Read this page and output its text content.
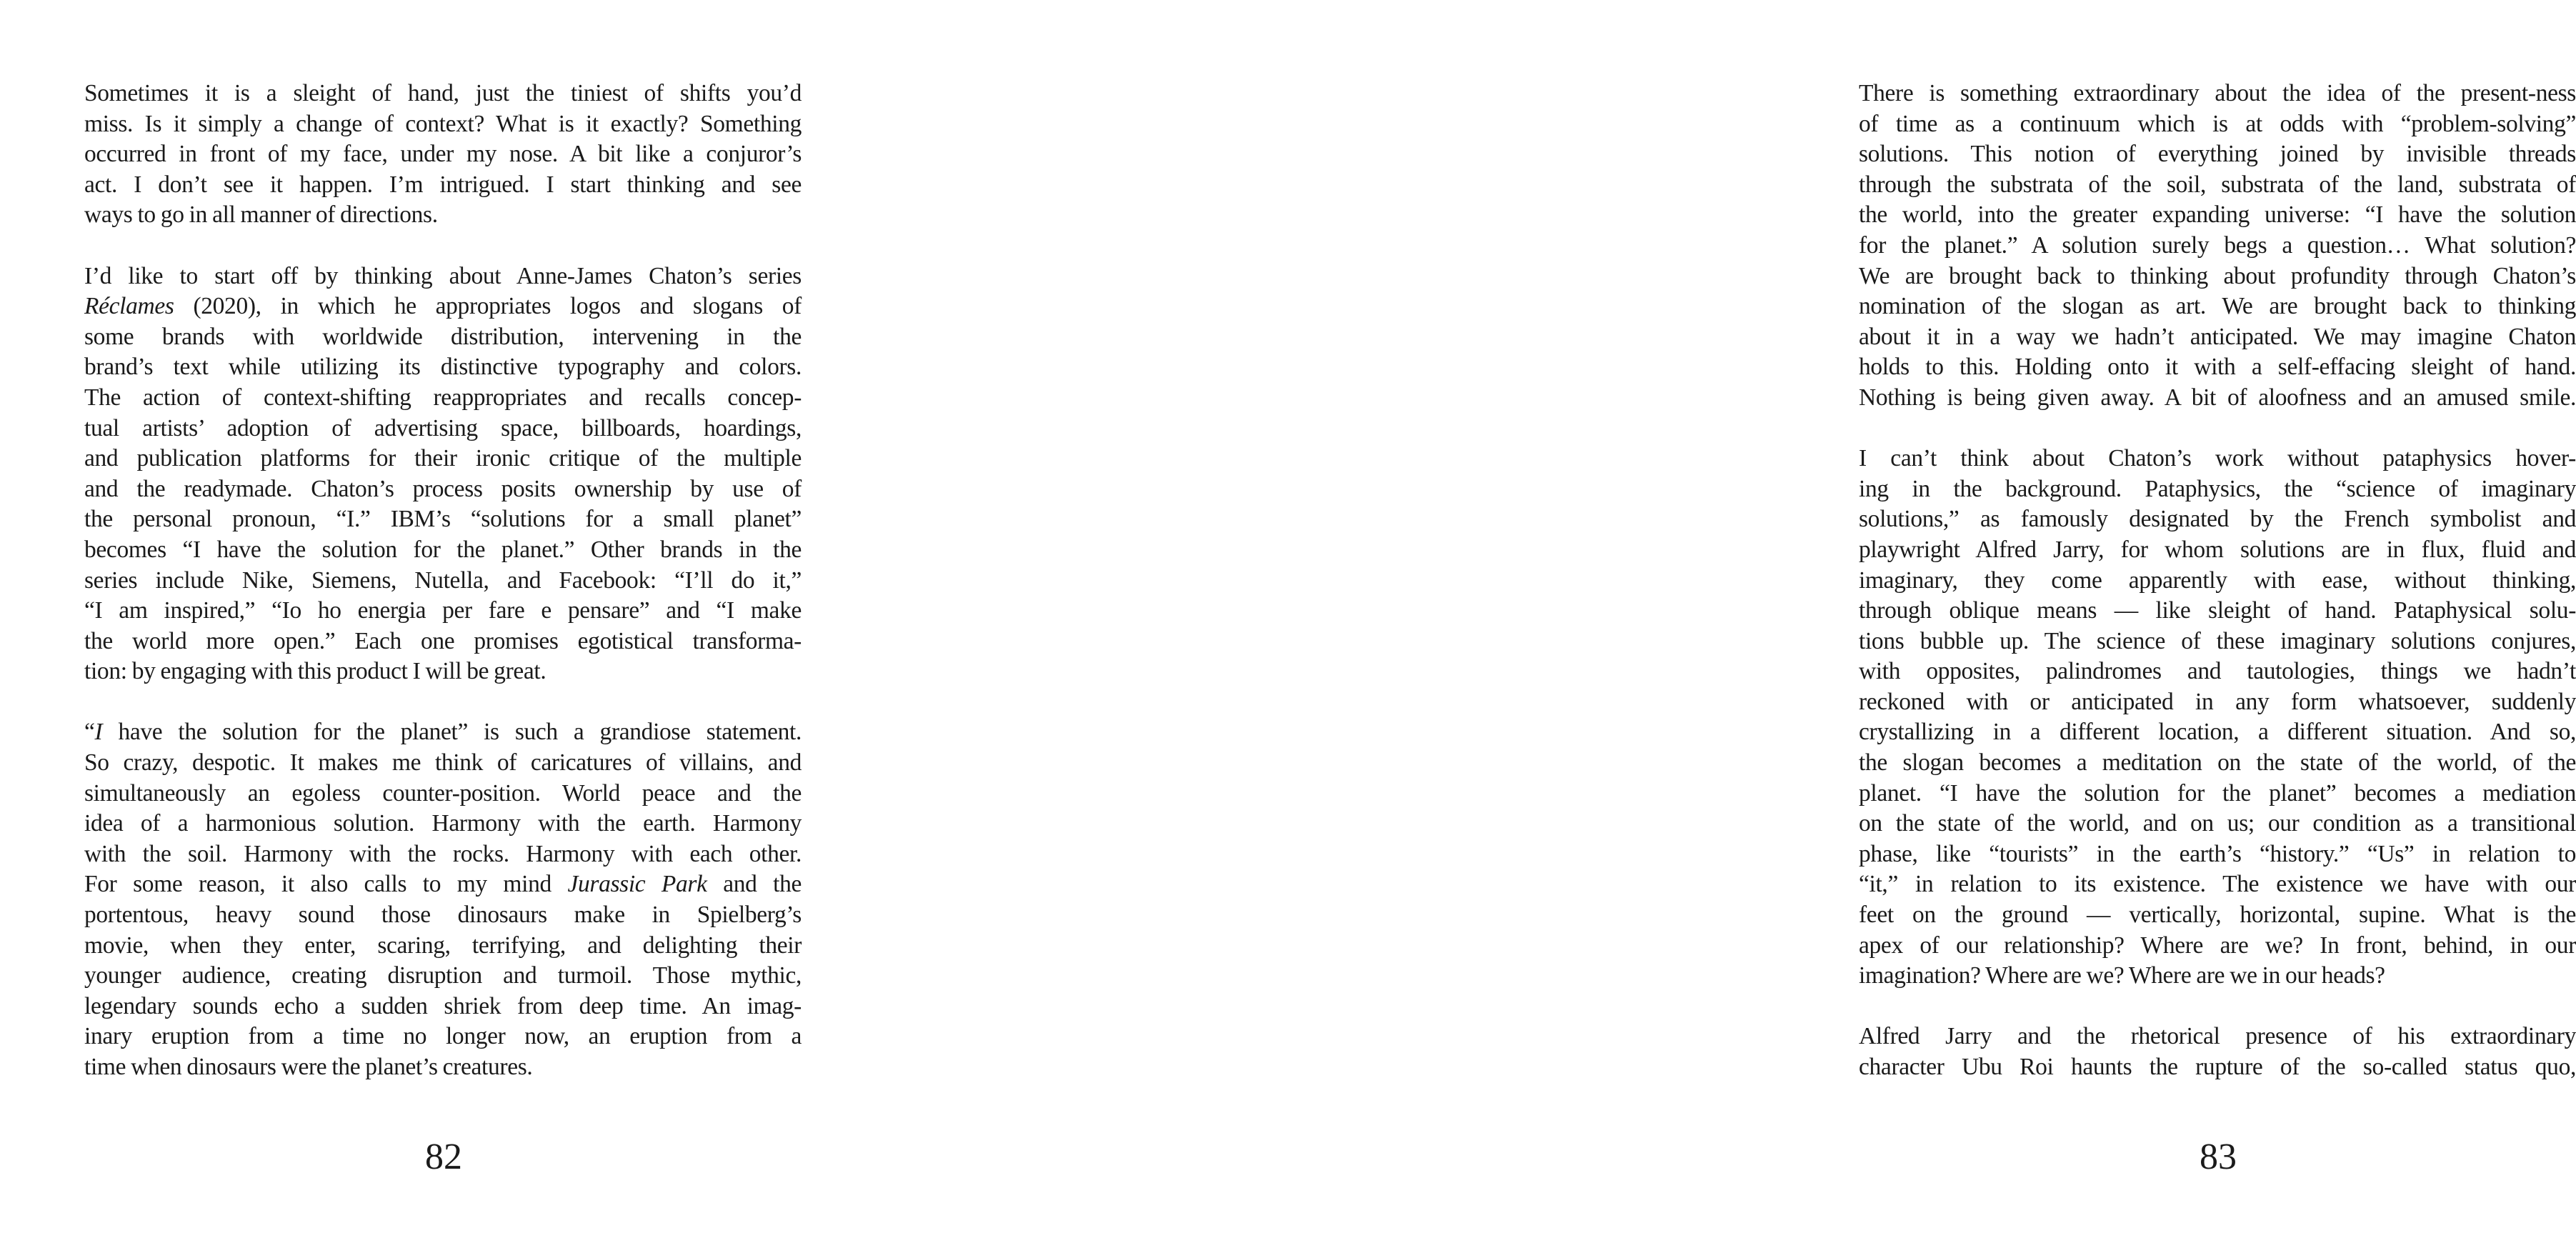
Sometimes it is a sleight of hand, just the tiniest of shifts you’d
miss. Is it simply a change of context? What is it exactly? Something
occurred in front of my face, under my nose. A bit like a conjuror’s
act. I don’t see it happen. I’m intrigued. I start thinking and see
ways to go in all manner of directions.

I’d like to start off by thinking about Anne-James Chaton’s series
Réclames (2020), in which he appropriates logos and slogans of
some brands with worldwide distribution, intervening in the
brand’s text while utilizing its distinctive typography and colors.
The action of context-shifting reappropriates and recalls concep-
tual artists’ adoption of advertising space, billboards, hoardings,
and publication platforms for their ironic critique of the multiple
and the readymade. Chaton’s process posits ownership by use of
the personal pronoun, “I.” IBM’s “solutions for a small planet”
becomes “I have the solution for the planet.” Other brands in the
series include Nike, Siemens, Nutella, and Facebook: “I’ll do it,”
“I am inspired,” “Io ho energia per fare e pensare” and “I make
the world more open.” Each one promises egotistical transforma-
tion: by engaging with this product I will be great.

“I have the solution for the planet” is such a grandiose statement.
So crazy, despotic. It makes me think of caricatures of villains, and
simultaneously an egoless counter-position. World peace and the
idea of a harmonious solution. Harmony with the earth. Harmony
with the soil. Harmony with the rocks. Harmony with each other.
For some reason, it also calls to my mind Jurassic Park and the
portentous, heavy sound those dinosaurs make in Spielberg’s
movie, when they enter, scaring, terrifying, and delighting their
younger audience, creating disruption and turmoil. Those mythic,
legendary sounds echo a sudden shriek from deep time. An imag-
inary eruption from a time no longer now, an eruption from a
time when dinosaurs were the planet’s creatures.

82

There is something extraordinary about the idea of the present-ness
of time as a continuum which is at odds with “problem-solving”
solutions. This notion of everything joined by invisible threads
through the substrata of the soil, substrata of the land, substrata of
the world, into the greater expanding universe: “I have the solution
for the planet.” A solution surely begs a question… What solution?
We are brought back to thinking about profundity through Chaton’s
nomination of the slogan as art. We are brought back to thinking
about it in a way we hadn’t anticipated. We may imagine Chaton
holds to this. Holding onto it with a self-effacing sleight of hand.
Nothing is being given away. A bit of aloofness and an amused smile.

I can’t think about Chaton’s work without pataphysics hover-
ing in the background. Pataphysics, the “science of imaginary
solutions,” as famously designated by the French symbolist and
playwright Alfred Jarry, for whom solutions are in flux, fluid and
imaginary, they come apparently with ease, without thinking,
through oblique means — like sleight of hand. Pataphysical solu-
tions bubble up. The science of these imaginary solutions conjures,
with opposites, palindromes and tautologies, things we hadn’t
reckoned with or anticipated in any form whatsoever, suddenly
crystallizing in a different location, a different situation. And so,
the slogan becomes a meditation on the state of the world, of the
planet. “I have the solution for the planet” becomes a mediation
on the state of the world, and on us; our condition as a transitional
phase, like “tourists” in the earth’s “history.” “Us” in relation to
“it,” in relation to its existence. The existence we have with our
feet on the ground — vertically, horizontal, supine. What is the
apex of our relationship? Where are we? In front, behind, in our
imagination? Where are we? Where are we in our heads?

Alfred Jarry and the rhetorical presence of his extraordinary
character Ubu Roi haunts the rupture of the so-called status quo,

83
